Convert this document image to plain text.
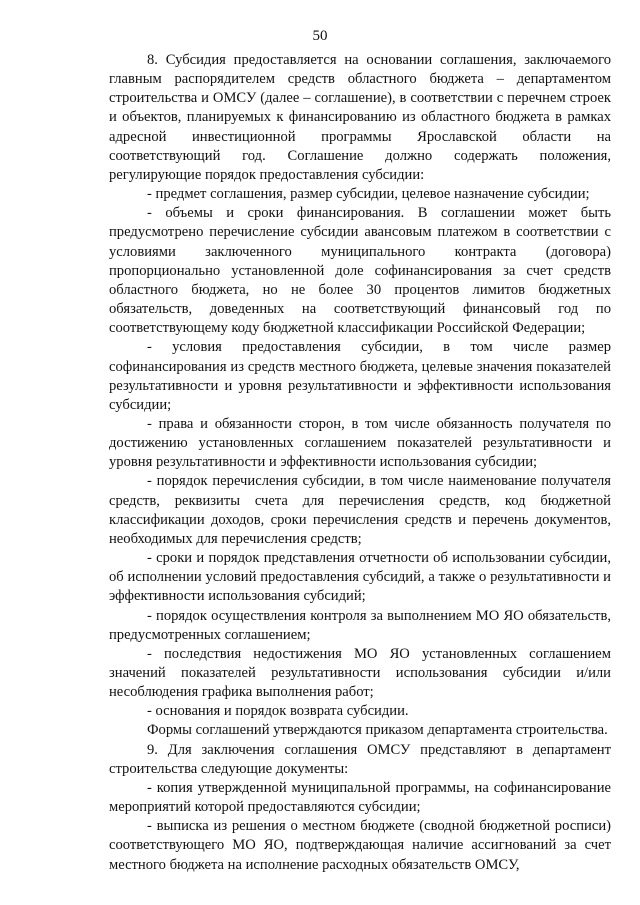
50

8. Субсидия предоставляется на основании соглашения, заключаемого главным распорядителем средств областного бюджета – департаментом строительства и ОМСУ (далее – соглашение), в соответствии с перечнем строек и объектов, планируемых к финансированию из областного бюджета в рамках адресной инвестиционной программы Ярославской области на соответствующий год. Соглашение должно содержать положения, регулирующие порядок предоставления субсидии:

- предмет соглашения, размер субсидии, целевое назначение субсидии;

- объемы и сроки финансирования. В соглашении может быть предусмотрено перечисление субсидии авансовым платежом в соответствии с условиями заключенного муниципального контракта (договора) пропорционально установленной доле софинансирования за счет средств областного бюджета, но не более 30 процентов лимитов бюджетных обязательств, доведенных на соответствующий финансовый год по соответствующему коду бюджетной классификации Российской Федерации;

- условия предоставления субсидии, в том числе размер софинансирования из средств местного бюджета, целевые значения показателей результативности и уровня результативности и эффективности использования субсидии;

- права и обязанности сторон, в том числе обязанность получателя по достижению установленных соглашением показателей результативности и уровня результативности и эффективности использования субсидии;

- порядок перечисления субсидии, в том числе наименование получателя средств, реквизиты счета для перечисления средств, код бюджетной классификации доходов, сроки перечисления средств и перечень документов, необходимых для перечисления средств;

- сроки и порядок представления отчетности об использовании субсидии, об исполнении условий предоставления субсидий, а также о результативности и эффективности использования субсидий;

- порядок осуществления контроля за выполнением МО ЯО обязательств, предусмотренных соглашением;

- последствия недостижения МО ЯО установленных соглашением значений показателей результативности использования субсидии и/или несоблюдения графика выполнения работ;

- основания и порядок возврата субсидии.

Формы соглашений утверждаются приказом департамента строительства.

9. Для заключения соглашения ОМСУ представляют в департамент строительства следующие документы:

- копия утвержденной муниципальной программы, на софинансирование мероприятий которой предоставляются субсидии;

- выписка из решения о местном бюджете (сводной бюджетной росписи) соответствующего МО ЯО, подтверждающая наличие ассигнований за счет местного бюджета на исполнение расходных обязательств ОМСУ,
